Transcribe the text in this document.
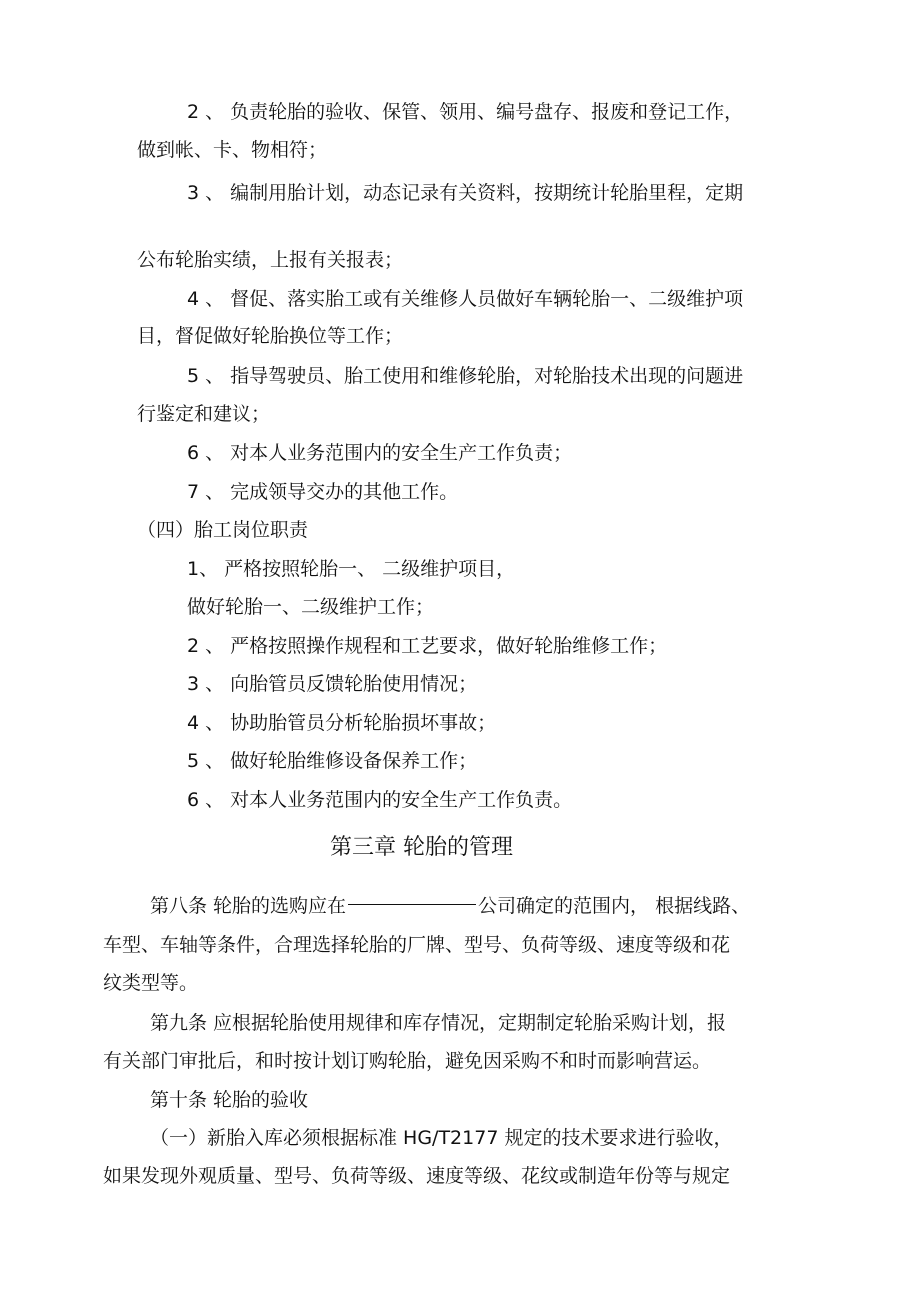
2 、 负责轮胎的验收、保管、领用、编号盘存、报废和登记工作，
做到帐、卡、物相符；
3 、 编制用胎计划，动态记录有关资料，按期统计轮胎里程，定期
公布轮胎实绩，上报有关报表；
4 、 督促、落实胎工或有关维修人员做好车辆轮胎一、二级维护项
目，督促做好轮胎换位等工作；
5 、 指导驾驶员、胎工使用和维修轮胎，对轮胎技术出现的问题进
行鉴定和建议；
6 、 对本人业务范围内的安全生产工作负责；
7 、 完成领导交办的其他工作。
（四）胎工岗位职责
1、 严格按照轮胎一、 二级维护项目，
做好轮胎一、二级维护工作；
2 、 严格按照操作规程和工艺要求，做好轮胎维修工作；
3 、 向胎管员反馈轮胎使用情况；
4 、 协助胎管员分析轮胎损坏事故；
5 、 做好轮胎维修设备保养工作；
6 、 对本人业务范围内的安全生产工作负责。
第三章 轮胎的管理
第八条 轮胎的选购应在	公司确定的范围内， 根据线路、
车型、车轴等条件，合理选择轮胎的厂牌、型号、负荷等级、速度等级和花
纹类型等。
第九条 应根据轮胎使用规律和库存情况，定期制定轮胎采购计划，报
有关部门审批后，和时按计划订购轮胎，避免因采购不和时而影响营运。
第十条 轮胎的验收
（一）新胎入库必须根据标准 HG/T2177 规定的技术要求进行验收，
如果发现外观质量、型号、负荷等级、速度等级、花纹或制造年份等与规定
